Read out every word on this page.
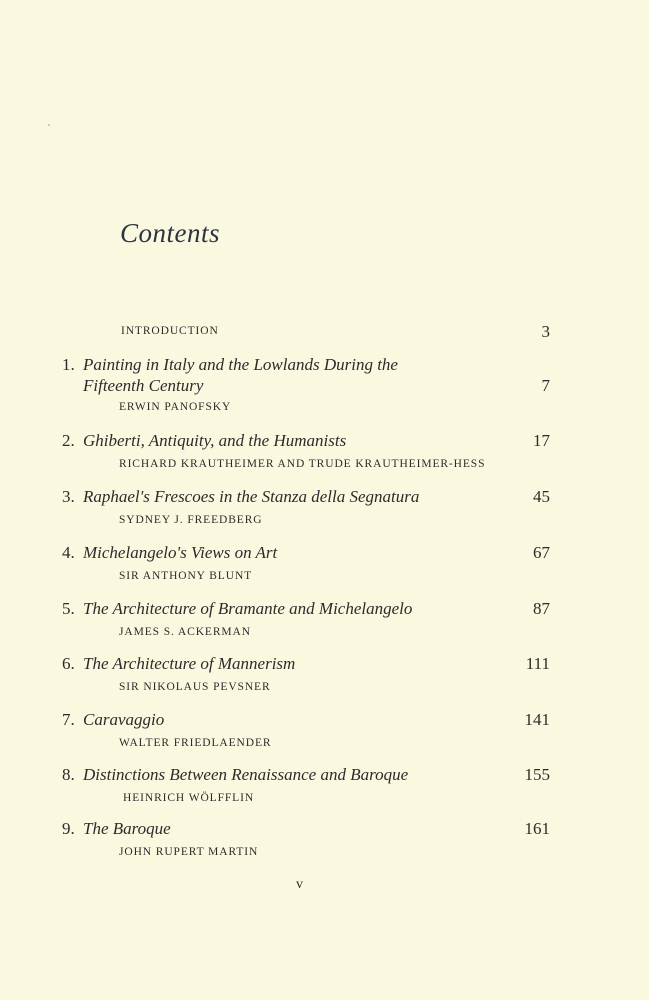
Contents
INTRODUCTION	3
1. Painting in Italy and the Lowlands During the
Fifteenth Century	7
ERWIN PANOFSKY
2. Ghiberti, Antiquity, and the Humanists	17
RICHARD KRAUTHEIMER AND TRUDE KRAUTHEIMER-HESS
3. Raphael's Frescoes in the Stanza della Segnatura	45
SYDNEY J. FREEDBERG
4. Michelangelo's Views on Art	67
SIR ANTHONY BLUNT
5. The Architecture of Bramante and Michelangelo	87
JAMES S. ACKERMAN
6. The Architecture of Mannerism	111
SIR NIKOLAUS PEVSNER
7. Caravaggio	141
WALTER FRIEDLAENDER
8. Distinctions Between Renaissance and Baroque	155
HEINRICH WÖLFFLIN
9. The Baroque	161
JOHN RUPERT MARTIN
v
